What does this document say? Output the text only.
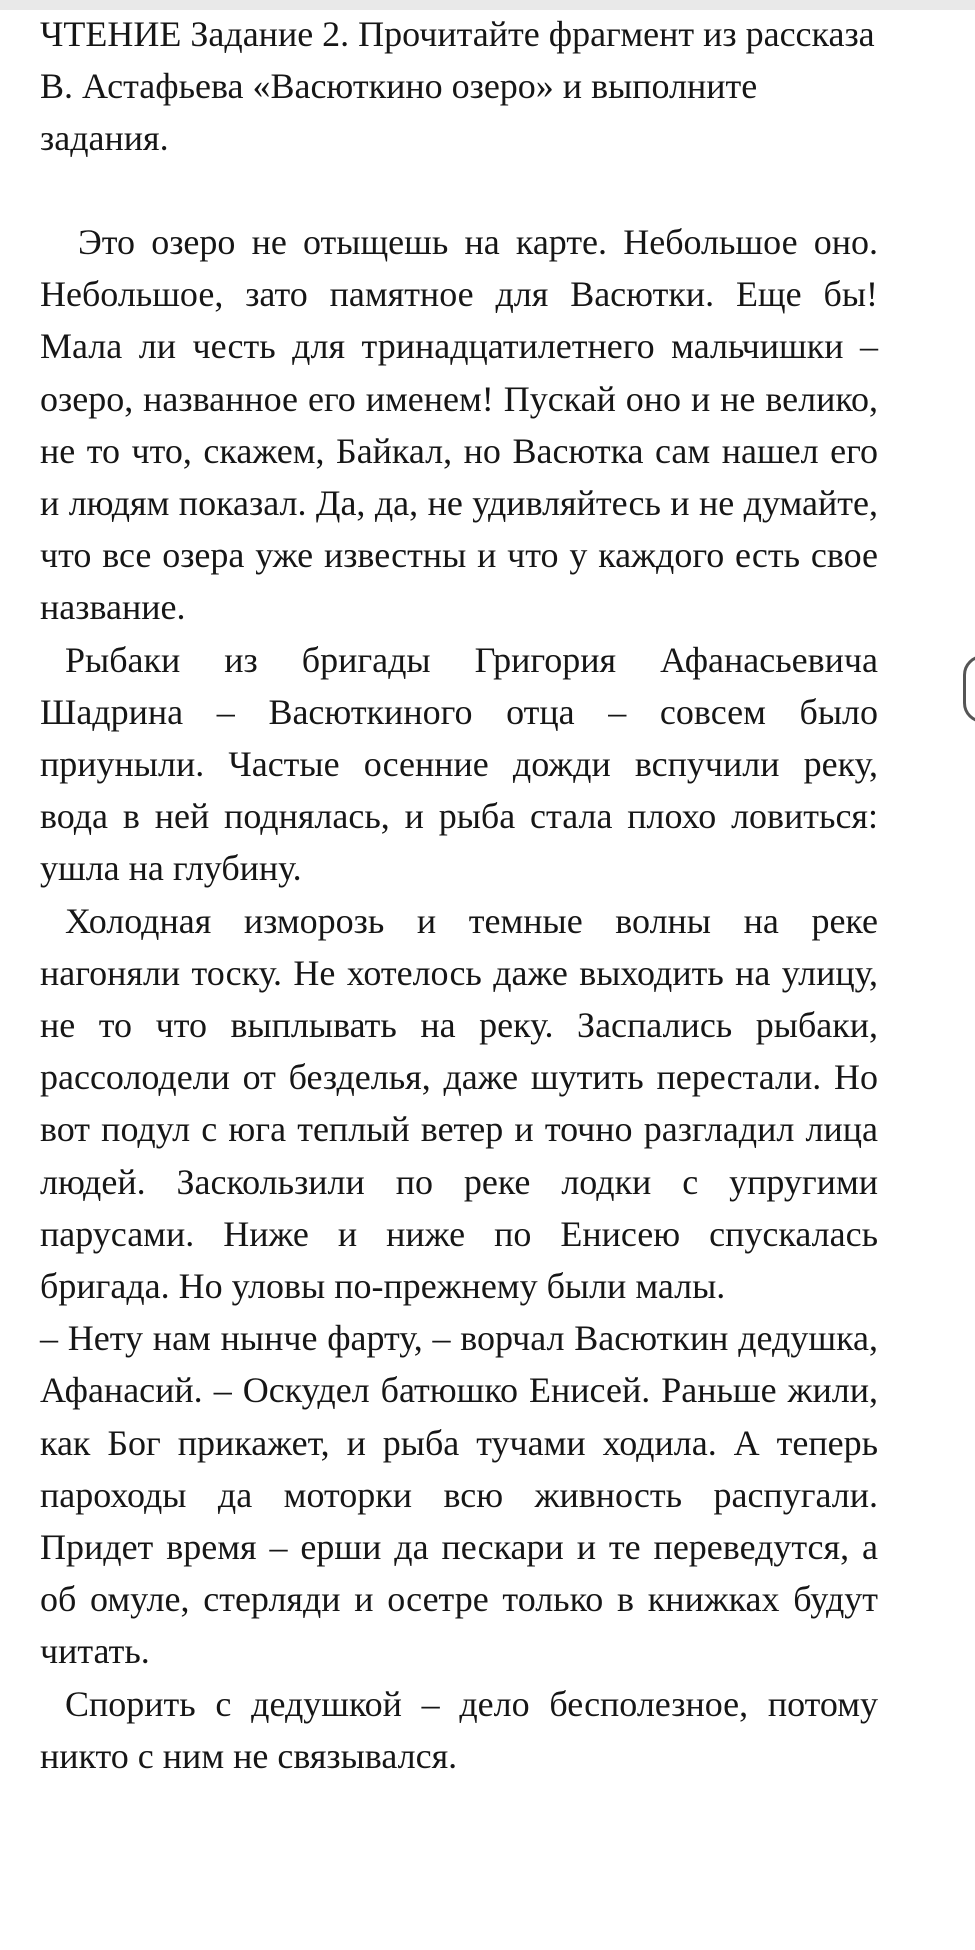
ЧТЕНИЕ Задание 2. Прочитайте фрагмент из рассказа В. Астафьева «Васюткино озеро» и выполните задания.

Это озеро не отыщешь на карте. Небольшое оно. Небольшое, зато памятное для Васютки. Еще бы! Мала ли честь для тринадцатилетнего мальчишки – озеро, названное его именем! Пускай оно и не велико, не то что, скажем, Байкал, но Васютка сам нашел его и людям показал. Да, да, не удивляйтесь и не думайте, что все озера уже известны и что у каждого есть свое название.

Рыбаки из бригады Григория Афанасьевича Шадрина – Васюткиного отца – совсем было приуныли. Частые осенние дожди вспучили реку, вода в ней поднялась, и рыба стала плохо ловиться: ушла на глубину.

Холодная изморозь и темные волны на реке нагоняли тоску. Не хотелось даже выходить на улицу, не то что выплывать на реку. Заспались рыбаки, рассолодели от безделья, даже шутить перестали. Но вот подул с юга теплый ветер и точно разгладил лица людей. Заскользили по реке лодки с упругими парусами. Ниже и ниже по Енисею спускалась бригада. Но уловы по-прежнему были малы.

– Нету нам нынче фарту, – ворчал Васюткин дедушка, Афанасий. – Оскудел батюшко Енисей. Раньше жили, как Бог прикажет, и рыба тучами ходила. А теперь пароходы да моторки всю живность распугали. Придет время – ерши да пескари и те переведутся, а об омуле, стерляди и осетре только в книжках будут читать.

Спорить с дедушкой – дело бесполезное, потому никто с ним не связывался.
